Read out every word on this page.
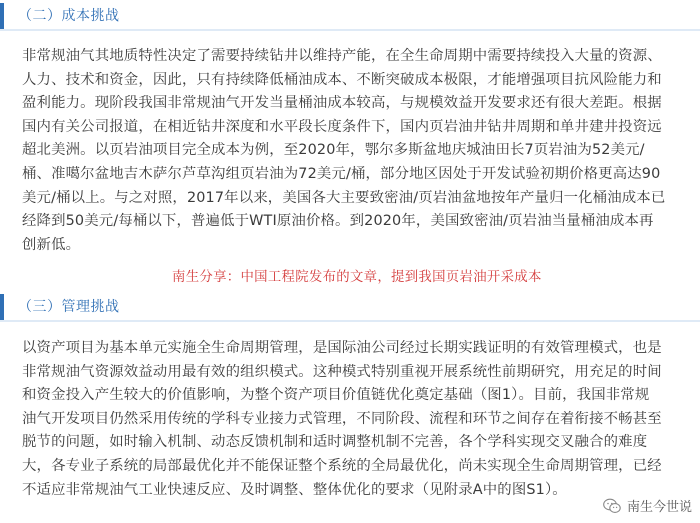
（二）成本挑战

非常规油气其地质特性决定了需要持续钻井以维持产能，在全生命周期中需要持续投入大量的资源、
人力、技术和资金，因此，只有持续降低桶油成本、不断突破成本极限，才能增强项目抗风险能力和
盈利能力。现阶段我国非常规油气开发当量桶油成本较高，与规模效益开发要求还有很大差距。根据
国内有关公司报道，在相近钻井深度和水平段长度条件下，国内页岩油井钻井周期和单井建井投资远
超北美洲。以页岩油项目完全成本为例，至2020年，鄂尔多斯盆地庆城油田长7页岩油为52美元/
桶、准噶尔盆地吉木萨尔芦草沟组页岩油为72美元/桶，部分地区因处于开发试验初期价格更高达90
美元/桶以上。与之对照，2017年以来，美国各大主要致密油/页岩油盆地按年产量归一化桶油成本已
经降到50美元/每桶以下，普遍低于WTI原油价格。到2020年，美国致密油/页岩油当量桶油成本再
创新低。

南生分享：中国工程院发布的文章，提到我国页岩油开采成本
（三）管理挑战

以资产项目为基本单元实施全生命周期管理，是国际油公司经过长期实践证明的有效管理模式，也是
非常规油气资源效益动用最有效的组织模式。这种模式特别重视开展系统性前期研究，用充足的时间
和资金投入产生较大的价值影响，为整个资产项目价值链优化奠定基础（图1）。目前，我国非常规
油气开发项目仍然采用传统的学科专业接力式管理，不同阶段、流程和环节之间存在着衔接不畅甚至
脱节的问题，如时输入机制、动态反馈机制和适时调整机制不完善，各个学科实现交叉融合的难度
大，各专业子系统的局部最优化并不能保证整个系统的全局最优化，尚未实现全生命周期管理，已经
不适应非常规油气工业快速反应、及时调整、整体优化的要求（见附录A中的图S1）。

南生今世说
